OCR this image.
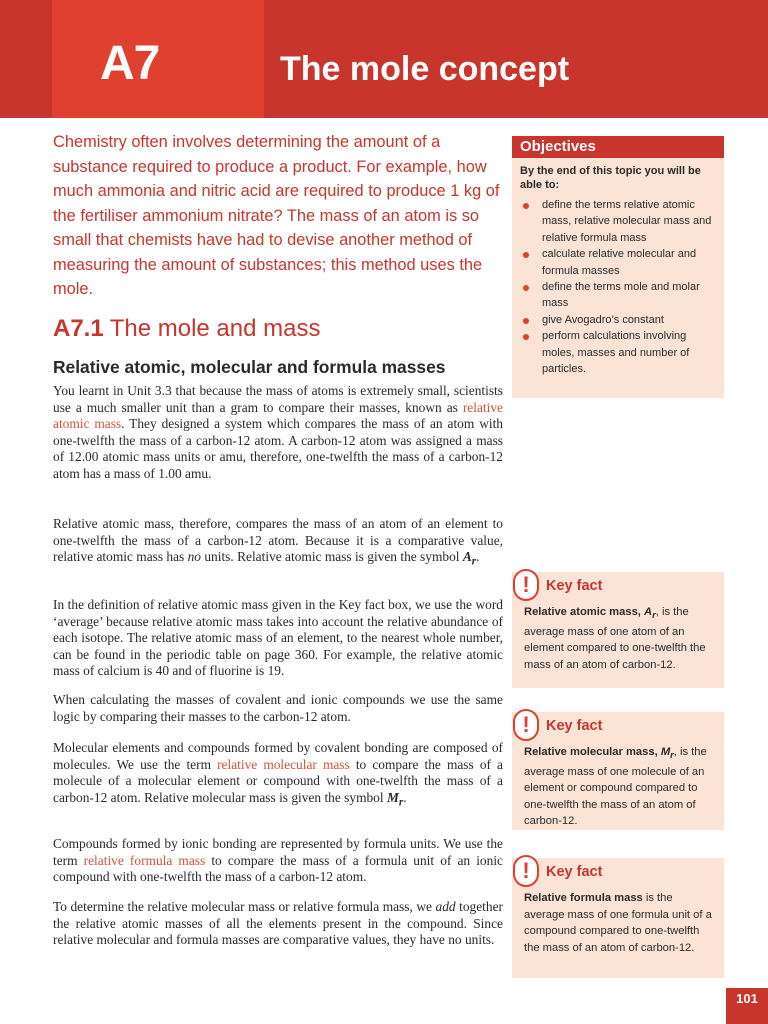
A7	The mole concept
Chemistry often involves determining the amount of a substance required to produce a product. For example, how much ammonia and nitric acid are required to produce 1 kg of the fertiliser ammonium nitrate? The mass of an atom is so small that chemists have had to devise another method of measuring the amount of substances; this method uses the mole.
A7.1 The mole and mass
Relative atomic, molecular and formula masses
You learnt in Unit 3.3 that because the mass of atoms is extremely small, scientists use a much smaller unit than a gram to compare their masses, known as relative atomic mass. They designed a system which compares the mass of an atom with one-twelfth the mass of a carbon-12 atom. A carbon-12 atom was assigned a mass of 12.00 atomic mass units or amu, therefore, one-twelfth the mass of a carbon-12 atom has a mass of 1.00 amu.
Relative atomic mass, therefore, compares the mass of an atom of an element to one-twelfth the mass of a carbon-12 atom. Because it is a comparative value, relative atomic mass has no units. Relative atomic mass is given the symbol $A_r$.
In the definition of relative atomic mass given in the Key fact box, we use the word ‘average’ because relative atomic mass takes into account the relative abundance of each isotope. The relative atomic mass of an element, to the nearest whole number, can be found in the periodic table on page 360. For example, the relative atomic mass of calcium is 40 and of fluorine is 19.
When calculating the masses of covalent and ionic compounds we use the same logic by comparing their masses to the carbon-12 atom.
Molecular elements and compounds formed by covalent bonding are composed of molecules. We use the term relative molecular mass to compare the mass of a molecule of a molecular element or compound with one-twelfth the mass of a carbon-12 atom. Relative molecular mass is given the symbol $M_r$.
Compounds formed by ionic bonding are represented by formula units. We use the term relative formula mass to compare the mass of a formula unit of an ionic compound with one-twelfth the mass of a carbon-12 atom.
To determine the relative molecular mass or relative formula mass, we add together the relative atomic masses of all the elements present in the compound. Since relative molecular and formula masses are comparative values, they have no units.
Objectives
By the end of this topic you will be able to:
define the terms relative atomic mass, relative molecular mass and relative formula mass
calculate relative molecular and formula masses
define the terms mole and molar mass
give Avogadro’s constant
perform calculations involving moles, masses and number of particles.
!	Key fact
Relative atomic mass, $A_r$, is the average mass of one atom of an element compared to one-twelfth the mass of an atom of carbon-12.
!	Key fact
Relative molecular mass, $M_r$, is the average mass of one molecule of an element or compound compared to one-twelfth the mass of an atom of carbon-12.
!	Key fact
Relative formula mass is the average mass of one formula unit of a compound compared to one-twelfth the mass of an atom of carbon-12.
101
